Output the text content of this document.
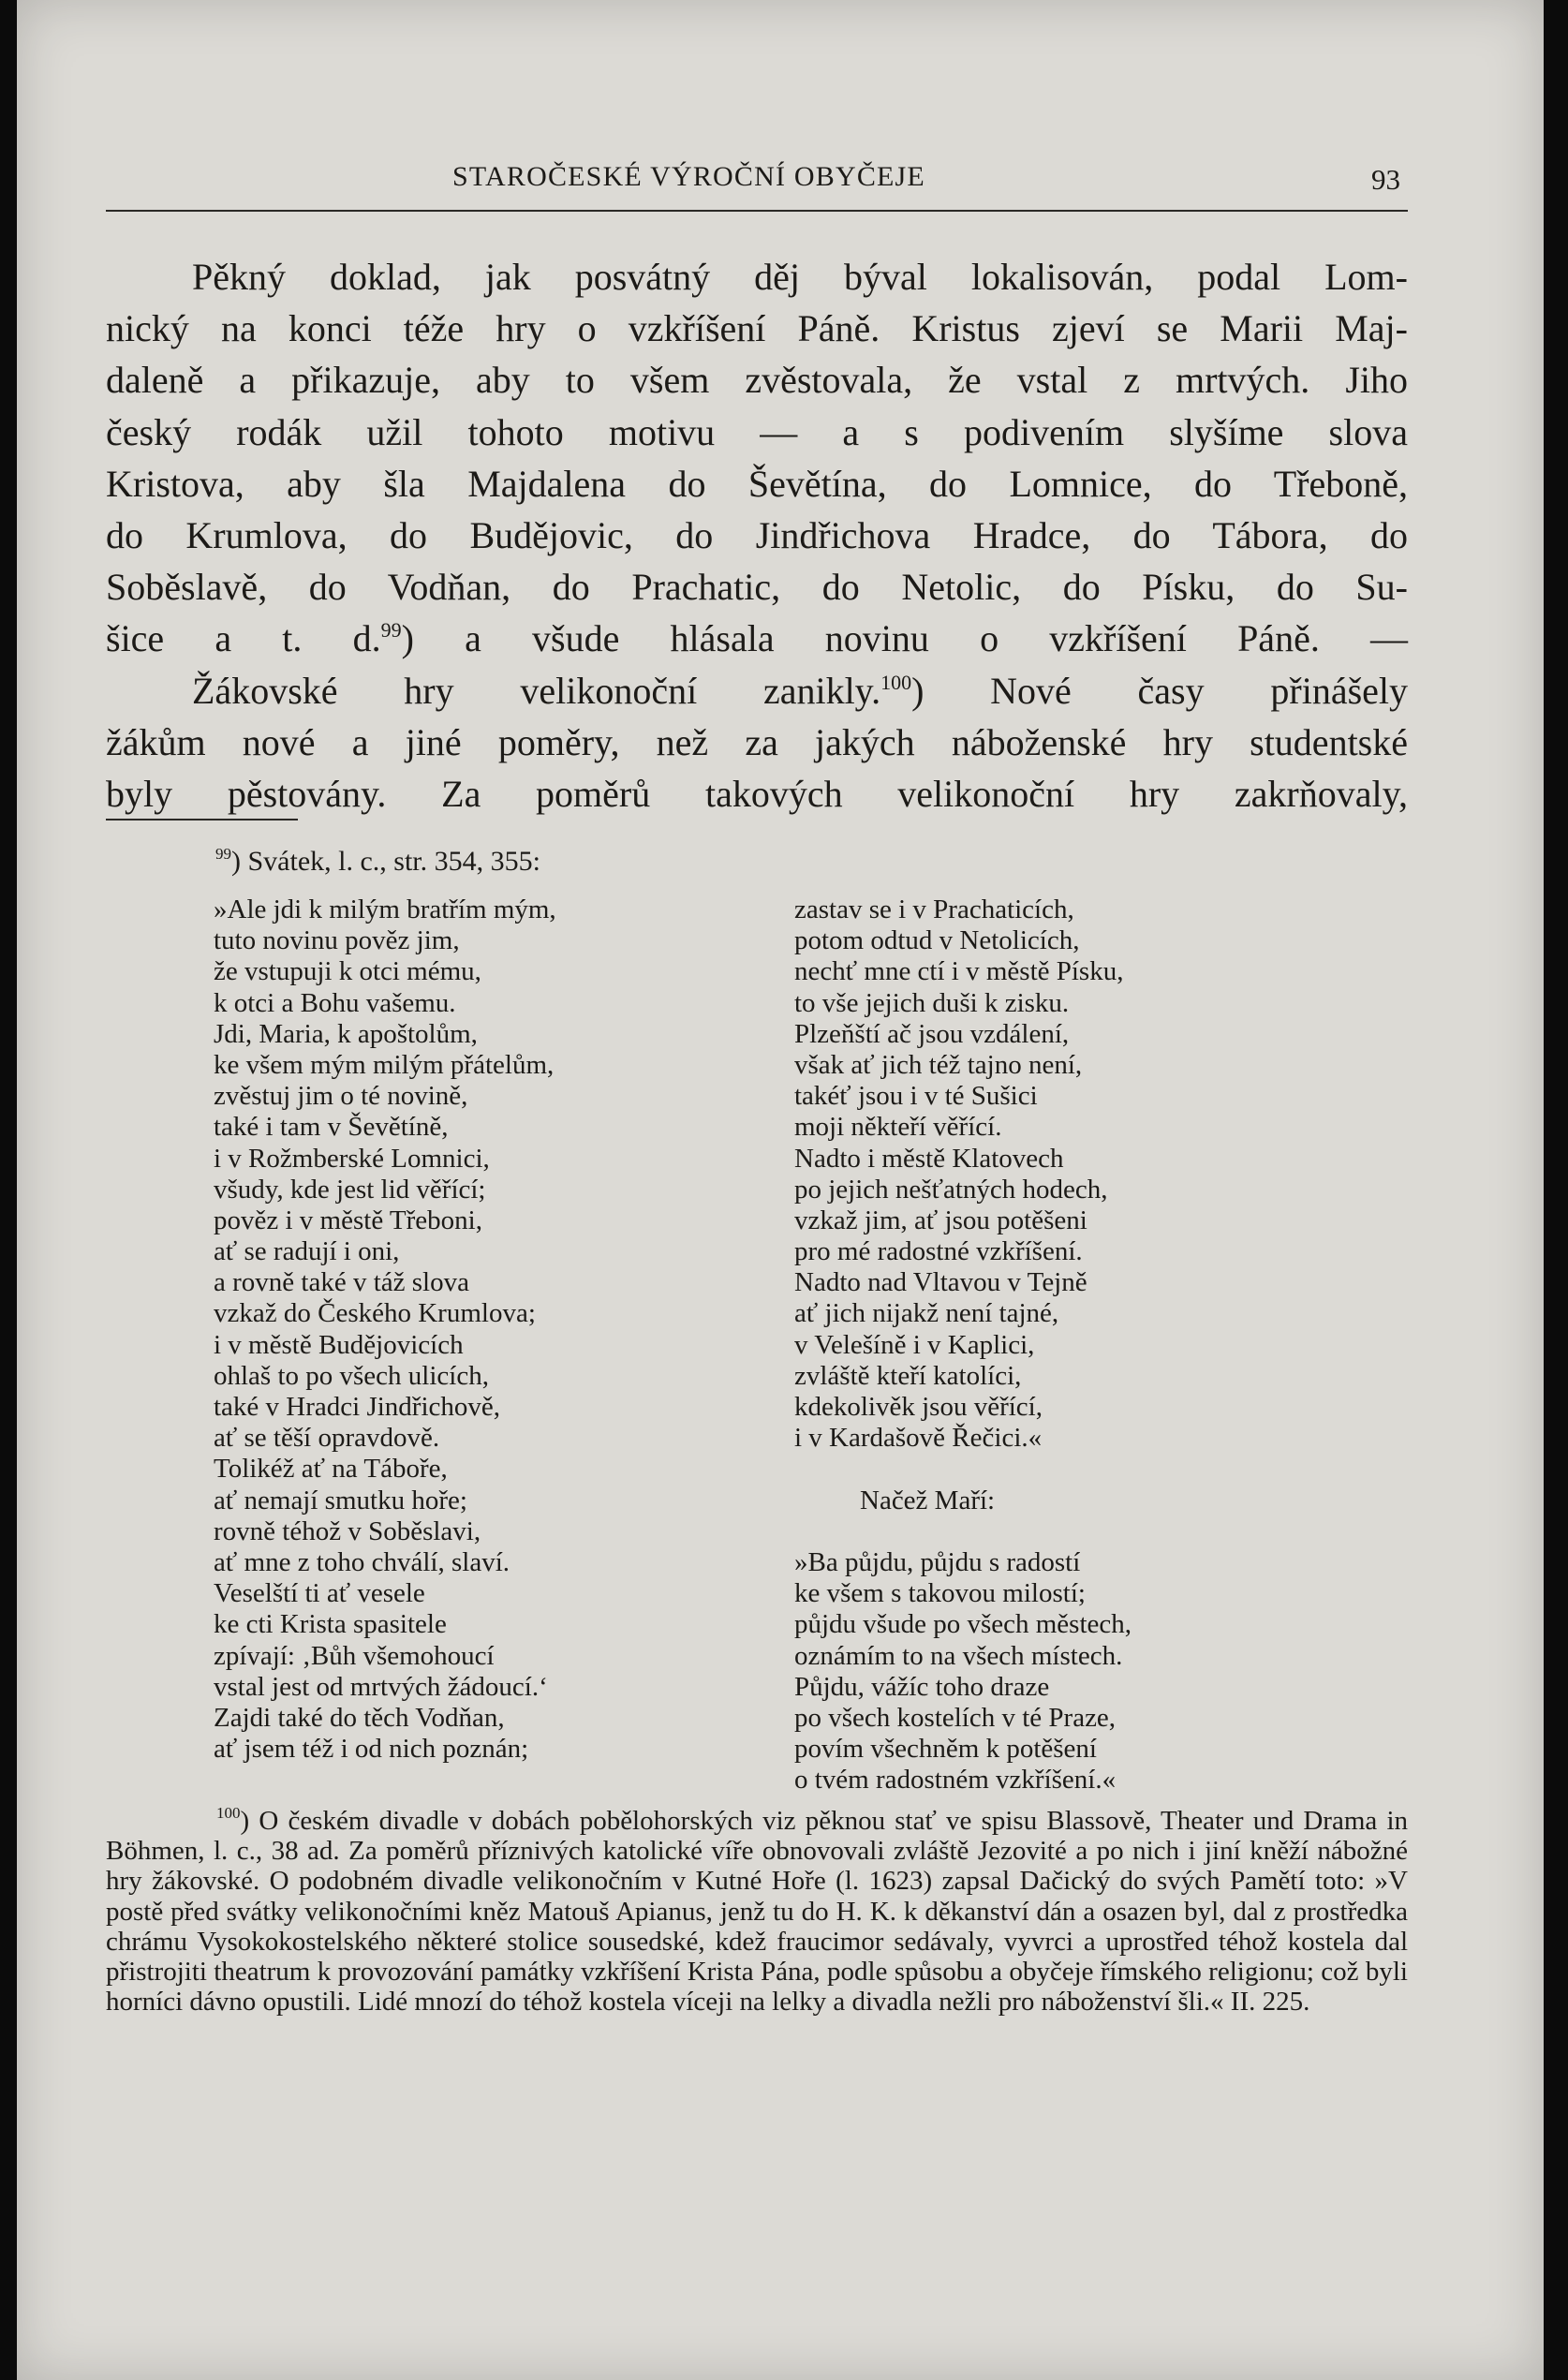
STAROČESKÉ VÝROČNÍ OBYČEJE	93

Pěkný doklad, jak posvátný děj býval lokalisován, podal Lom-

nický na konci téže hry o vzkříšení Páně. Kristus zjeví se Marii Maj-

daleně a přikazuje, aby to všem zvěstovala, že vstal z mrtvých. Jiho

český rodák užil tohoto motivu — a s podivením slyšíme slova

Kristova, aby šla Majdalena do Ševětína, do Lomnice, do Třeboně,

do Krumlova, do Budějovic, do Jindřichova Hradce, do Tábora, do

Soběslavě, do Vodňan, do Prachatic, do Netolic, do Písku, do Su-

šice a t. d.$^{99}$) a všude hlásala novinu o vzkříšení Páně. —

Žákovské hry velikonoční zanikly.$^{100}$) Nové časy přinášely

žákům nové a jiné poměry, než za jakých náboženské hry studentské

byly pěstovány. Za poměrů takových velikonoční hry zakrňovaly,

$^{99}$) Svátek, l. c., str. 354, 355:
»Ale jdi k milým bratřím mým,
tuto novinu pověz jim,
že vstupuji k otci mému,
k otci a Bohu vašemu.
Jdi, Maria, k apoštolům,
ke všem mým milým přátelům,
zvěstuj jim o té novině,
také i tam v Ševětíně,
i v Rožmberské Lomnici,
všudy, kde jest lid věřící;
pověz i v městě Třeboni,
ať se radují i oni,
a rovně také v táž slova
vzkaž do Českého Krumlova;
i v městě Budějovicích
ohlaš to po všech ulicích,
také v Hradci Jindřichově,
ať se těší opravdově.
Tolikéž ať na Táboře,
ať nemají smutku hoře;
rovně téhož v Soběslavi,
ať mne z toho chválí, slaví.
Veselští ti ať vesele
ke cti Krista spasitele
zpívají: ‚Bůh všemohoucí
vstal jest od mrtvých žádoucí.‘
Zajdi také do těch Vodňan,
ať jsem též i od nich poznán;
zastav se i v Prachaticích,
potom odtud v Netolicích,
nechť mne ctí i v městě Písku,
to vše jejich duši k zisku.
Plzeňští ač jsou vzdálení,
však ať jich též tajno není,
takéť jsou i v té Sušici
moji někteří věřící.
Nadto i městě Klatovech
po jejich nešťatných hodech,
vzkaž jim, ať jsou potěšeni
pro mé radostné vzkříšení.
Nadto nad Vltavou v Tejně
ať jich nijakž není tajné,
v Velešíně i v Kaplici,
zvláště kteří katolíci,
kdekolivěk jsou věřící,
i v Kardašově Řečici.«
Načež Maří:
»Ba půjdu, půjdu s radostí
ke všem s takovou milostí;
půjdu všude po všech městech,
oznámím to na všech místech.
Půjdu, vážíc toho draze
po všech kostelích v té Praze,
povím všechněm k potěšení
o tvém radostném vzkříšení.«

$^{100}$) O českém divadle v dobách pobělohorských viz pěknou stať ve spisu Blassově, Theater und Drama in Böhmen, l. c., 38 ad. Za poměrů příznivých katolické víře obnovovali zvláště Jezovité a po nich i jiní kněží nábožné hry žákovské. O podobném divadle velikonočním v Kutné Hoře (l. 1623) zapsal Dačický do svých Pamětí toto: »V postě před svátky velikonočními kněz Matouš Apianus, jenž tu do H. K. k děkanství dán a osazen byl, dal z prostředka chrámu Vysokokostelského některé stolice sousedské, kdež fraucimor sedávaly, vyvrci a uprostřed téhož kostela dal přistrojiti theatrum k provozování památky vzkříšení Krista Pána, podle spůsobu a obyčeje římského religionu; což byli horníci dávno opustili. Lidé mnozí do téhož kostela víceji na lelky a divadla nežli pro náboženství šli.« II. 225.
